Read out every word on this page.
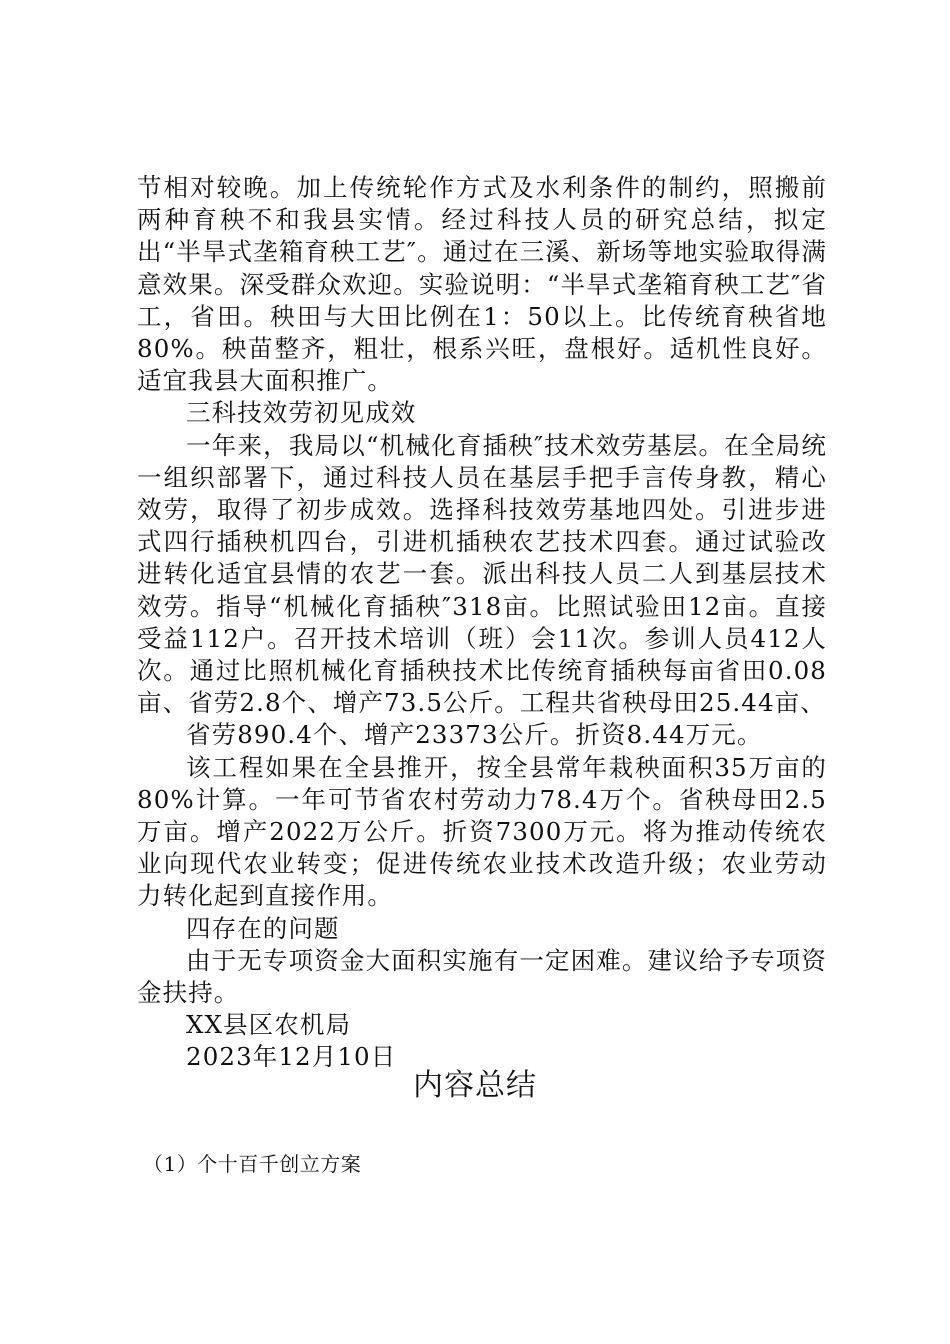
节相对较晚。加上传统轮作方式及水利条件的制约，照搬前两种育秧不和我县实情。经过科技人员的研究总结，拟定出“半旱式垄箱育秧工艺″。通过在三溪、新场等地实验取得满意效果。深受群众欢迎。实验说明：“半旱式垄箱育秧工艺″省工，省田。秧田与大田比例在1：50以上。比传统育秧省地80%。秧苗整齐，粗壮，根系兴旺，盘根好。适机性良好。适宜我县大面积推广。

三科技效劳初见成效

一年来，我局以“机械化育插秧″技术效劳基层。在全局统一组织部署下，通过科技人员在基层手把手言传身教，精心效劳，取得了初步成效。选择科技效劳基地四处。引进步进式四行插秧机四台，引进机插秧农艺技术四套。通过试验改进转化适宜县情的农艺一套。派出科技人员二人到基层技术效劳。指导“机械化育插秧″318亩。比照试验田12亩。直接受益112户。召开技术培训（班）会11次。参训人员412人次。通过比照机械化育插秧技术比传统育插秧每亩省田0.08亩、省劳2.8个、增产73.5公斤。工程共省秧母田25.44亩、

省劳890.4个、增产23373公斤。折资8.44万元。

该工程如果在全县推开，按全县常年栽秧面积35万亩的80%计算。一年可节省农村劳动力78.4万个。省秧母田2.5万亩。增产2022万公斤。折资7300万元。将为推动传统农业向现代农业转变；促进传统农业技术改造升级；农业劳动力转化起到直接作用。

四存在的问题

由于无专项资金大面积实施有一定困难。建议给予专项资金扶持。

XX县区农机局

2023年12月10日

内容总结
（1）个十百千创立方案
